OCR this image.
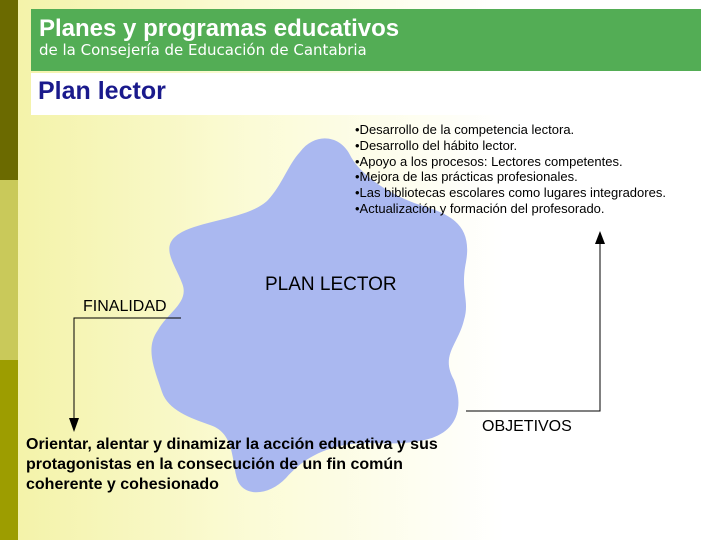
Planes y programas educativos

de la Consejería de Educación de Cantabria

Plan lector
•Desarrollo de la competencia lectora.
•Desarrollo del hábito lector.
•Apoyo a los procesos: Lectores competentes.
•Mejora de las prácticas profesionales.
•Las bibliotecas escolares como lugares integradores.
•Actualización y formación del profesorado.
PLAN LECTOR
FINALIDAD
OBJETIVOS

Orientar, alentar y dinamizar la acción educativa y sus protagonistas en la consecución de un fin común coherente y cohesionado
